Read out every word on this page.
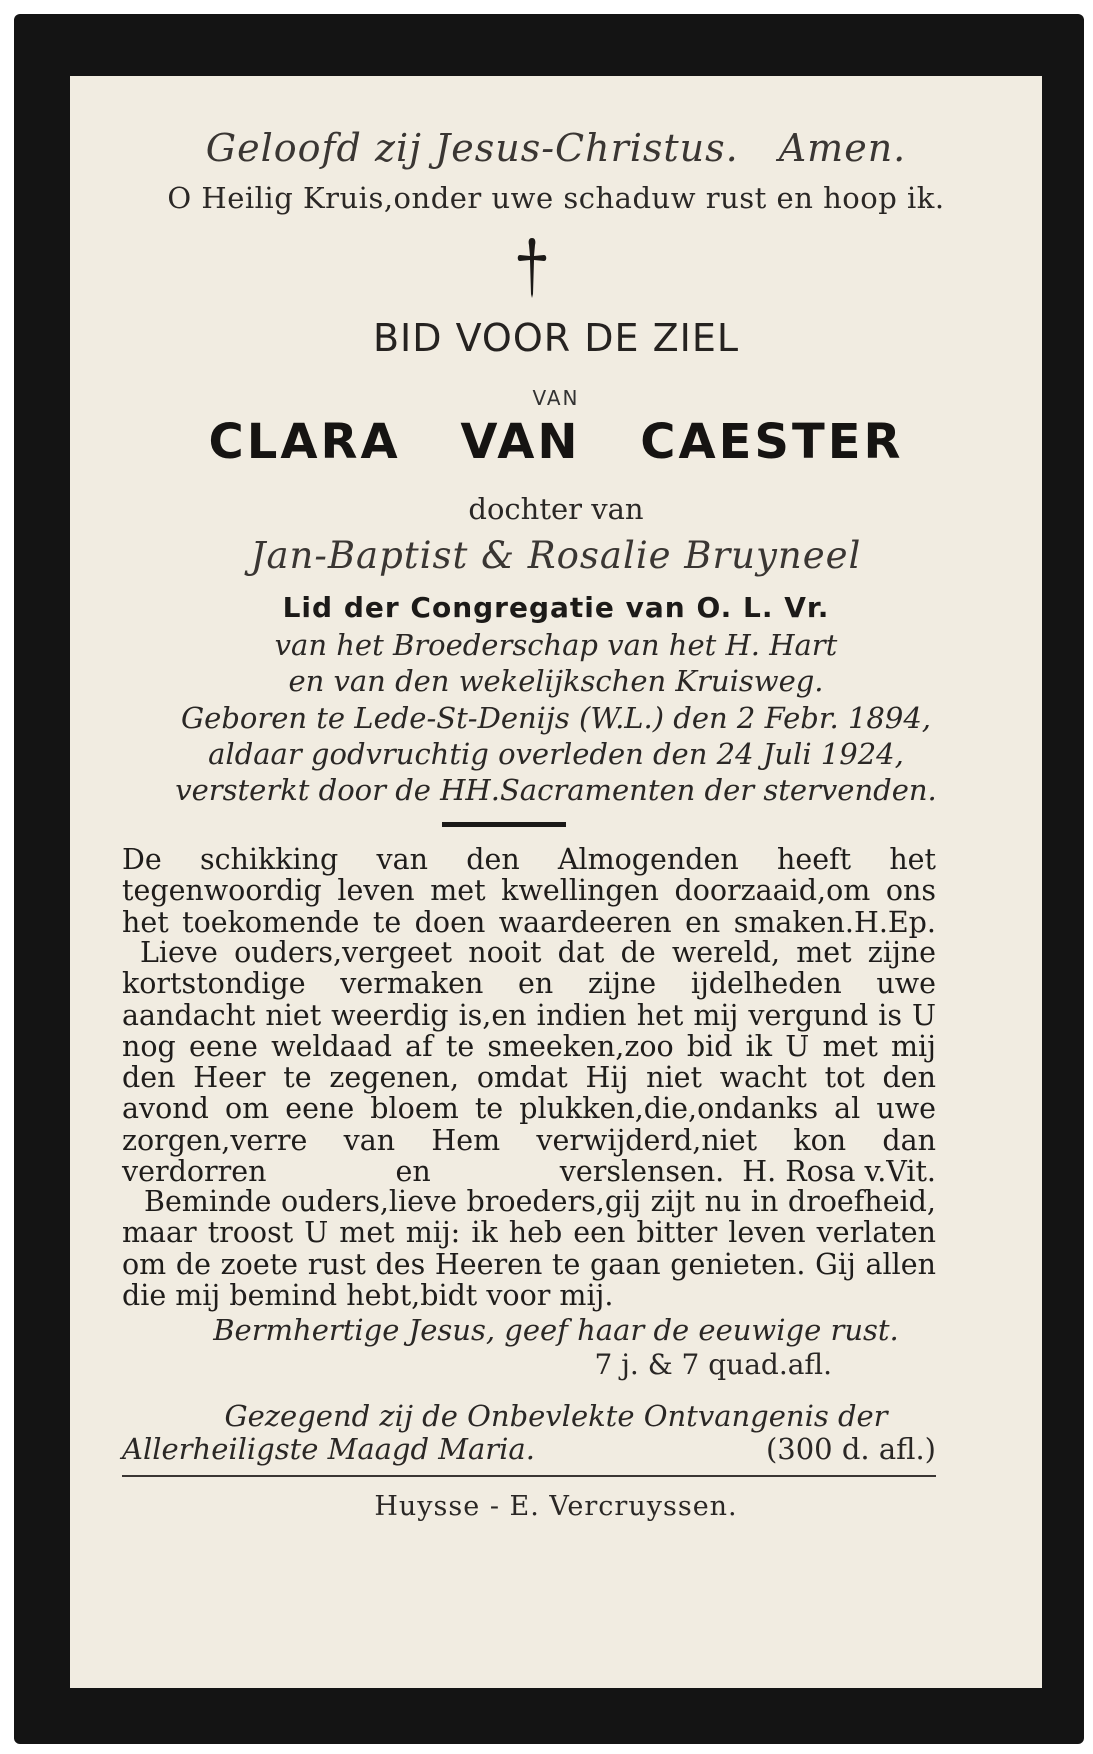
Geloofd zij Jesus-Christus. Amen.
O Heilig Kruis,onder uwe schaduw rust en hoop ik.
BID VOOR DE ZIEL
VAN
CLARA VAN CAESTER
dochter van
Jan-Baptist & Rosalie Bruyneel
Lid der Congregatie van O. L. Vr.
van het Broederschap van het H. Hart
en van den wekelijkschen Kruisweg.
Geboren te Lede-St-Denijs (W.L.) den 2 Febr. 1894,
aldaar godvruchtig overleden den 24 Juli 1924,
versterkt door de HH.Sacramenten der stervenden.
De schikking van den Almogenden heeft het tegenwoordig leven met kwellingen doorzaaid,om ons het toekomende te doen waardeeren en smaken. H.Ep.
Lieve ouders,vergeet nooit dat de wereld, met zijne kortstondige vermaken en zijne ijdelheden uwe aandacht niet weerdig is,en indien het mij vergund is U nog eene weldaad af te smeeken,zoo bid ik U met mij den Heer te zegenen, omdat Hij niet wacht tot den avond om eene bloem te plukken,die,ondanks al uwe zorgen,verre van Hem verwijderd,niet kon dan verdorren en verslensen. H. Rosa v.Vit.
Beminde ouders,lieve broeders,gij zijt nu in droefheid, maar troost U met mij: ik heb een bitter leven verlaten om de zoete rust des Heeren te gaan genieten. Gij allen die mij bemind hebt,bidt voor mij.
Bermhertige Jesus, geef haar de eeuwige rust.
7 j. & 7 quad.afl.
Gezegend zij de Onbevlekte Ontvangenis der
Allerheiligste Maagd Maria.	(300 d. afl.)
Huysse - E. Vercruyssen.
